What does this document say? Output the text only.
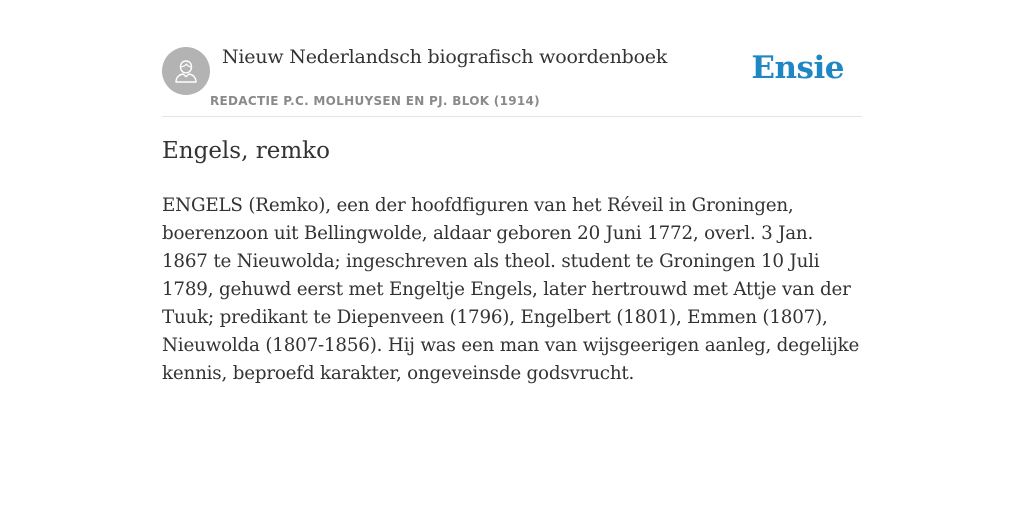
Nieuw Nederlandsch biografisch woordenboek
REDACTIE P.C. MOLHUYSEN EN PJ. BLOK (1914)
Ensie
Engels, remko

ENGELS (Remko), een der hoofdfiguren van het Réveil in Groningen, boerenzoon uit Bellingwolde, aldaar geboren 20 Juni 1772, overl. 3 Jan. 1867 te Nieuwolda; ingeschreven als theol. student te Groningen 10 Juli 1789, gehuwd eerst met Engeltje Engels, later hertrouwd met Attje van der Tuuk; predikant te Diepenveen (1796), Engelbert (1801), Emmen (1807), Nieuwolda (1807-1856). Hij was een man van wijsgeerigen aanleg, degelijke kennis, beproefd karakter, ongeveinsde godsvrucht.
